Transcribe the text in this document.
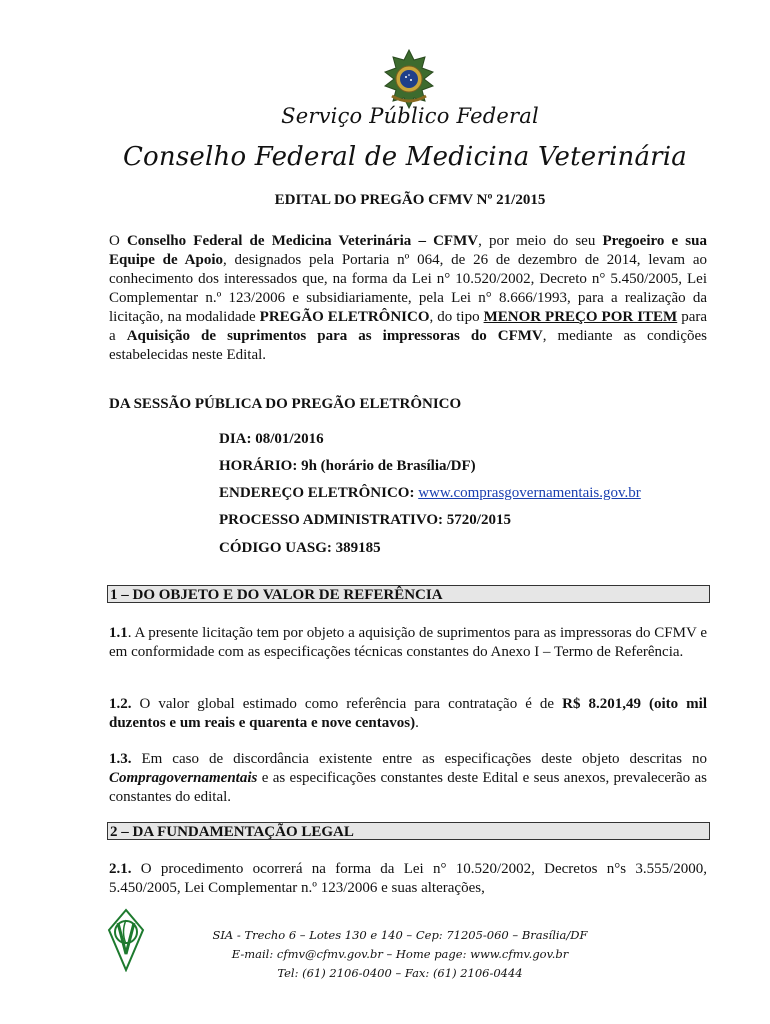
Serviço Público Federal
Conselho Federal de Medicina Veterinária
EDITAL DO PREGÃO CFMV Nº 21/2015
O Conselho Federal de Medicina Veterinária – CFMV, por meio do seu Pregoeiro e sua Equipe de Apoio, designados pela Portaria nº 064, de 26 de dezembro de 2014, levam ao conhecimento dos interessados que, na forma da Lei n° 10.520/2002, Decreto n° 5.450/2005, Lei Complementar n.º 123/2006 e subsidiariamente, pela Lei n° 8.666/1993, para a realização da licitação, na modalidade PREGÃO ELETRÔNICO, do tipo MENOR PREÇO POR ITEM para a Aquisição de suprimentos para as impressoras do CFMV, mediante as condições estabelecidas neste Edital.
DA SESSÃO PÚBLICA DO PREGÃO ELETRÔNICO
DIA: 08/01/2016
HORÁRIO: 9h (horário de Brasília/DF)
ENDEREÇO ELETRÔNICO: www.comprasgovernamentais.gov.br
PROCESSO ADMINISTRATIVO: 5720/2015
CÓDIGO UASG: 389185
1 – DO OBJETO E DO VALOR DE REFERÊNCIA
1.1. A presente licitação tem por objeto a aquisição de suprimentos para as impressoras do CFMV e em conformidade com as especificações técnicas constantes do Anexo I – Termo de Referência.
1.2. O valor global estimado como referência para contratação é de R$ 8.201,49 (oito mil duzentos e um reais e quarenta e nove centavos).
1.3. Em caso de discordância existente entre as especificações deste objeto descritas no Compragovernamentais e as especificações constantes deste Edital e seus anexos, prevalecerão as constantes do edital.
2 – DA FUNDAMENTAÇÃO LEGAL
2.1. O procedimento ocorrerá na forma da Lei n° 10.520/2002, Decretos n°s 3.555/2000, 5.450/2005, Lei Complementar n.º 123/2006 e suas alterações,
SIA - Trecho 6 – Lotes 130 e 140 – Cep: 71205-060 – Brasília/DF
E-mail: cfmv@cfmv.gov.br – Home page: www.cfmv.gov.br
Tel: (61) 2106-0400 – Fax: (61) 2106-0444
